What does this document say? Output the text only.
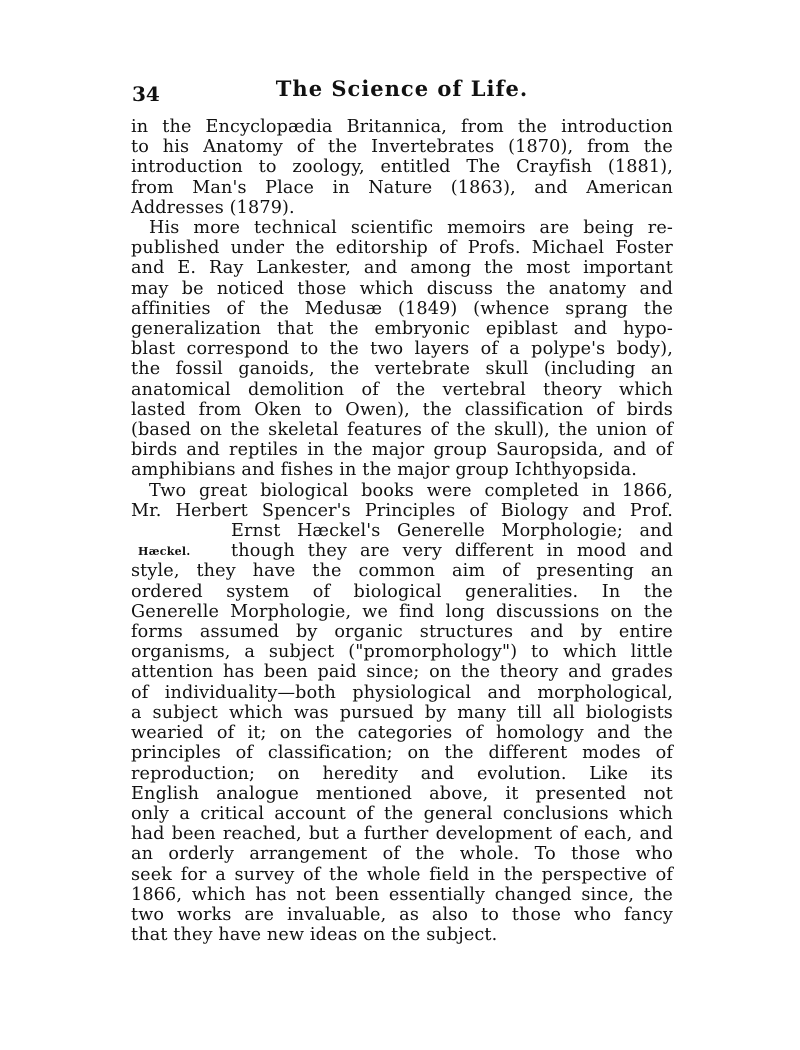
34	The Science of Life.
Hæckel.
in the Encyclopædia Britannica, from the introduction
to his Anatomy of the Invertebrates (1870), from the
introduction to zoology, entitled The Crayfish (1881),
from Man's Place in Nature (1863), and American
Addresses (1879).
His more technical scientific memoirs are being re-
published under the editorship of Profs. Michael Foster
and E. Ray Lankester, and among the most important
may be noticed those which discuss the anatomy and
affinities of the Medusæ (1849) (whence sprang the
generalization that the embryonic epiblast and hypo-
blast correspond to the two layers of a polype's body),
the fossil ganoids, the vertebrate skull (including an
anatomical demolition of the vertebral theory which
lasted from Oken to Owen), the classification of birds
(based on the skeletal features of the skull), the union of
birds and reptiles in the major group Sauropsida, and of
amphibians and fishes in the major group Ichthyopsida.
Two great biological books were completed in 1866,
Mr. Herbert Spencer's Principles of Biology and Prof.
Ernst Hæckel's Generelle Morphologie; and
though they are very different in mood and
style, they have the common aim of presenting an
ordered system of biological generalities. In the
Generelle Morphologie, we find long discussions on the
forms assumed by organic structures and by entire
organisms, a subject ("promorphology") to which little
attention has been paid since; on the theory and grades
of individuality—both physiological and morphological,
a subject which was pursued by many till all biologists
wearied of it; on the categories of homology and the
principles of classification; on the different modes of
reproduction; on heredity and evolution. Like its
English analogue mentioned above, it presented not
only a critical account of the general conclusions which
had been reached, but a further development of each, and
an orderly arrangement of the whole. To those who
seek for a survey of the whole field in the perspective of
1866, which has not been essentially changed since, the
two works are invaluable, as also to those who fancy
that they have new ideas on the subject.
